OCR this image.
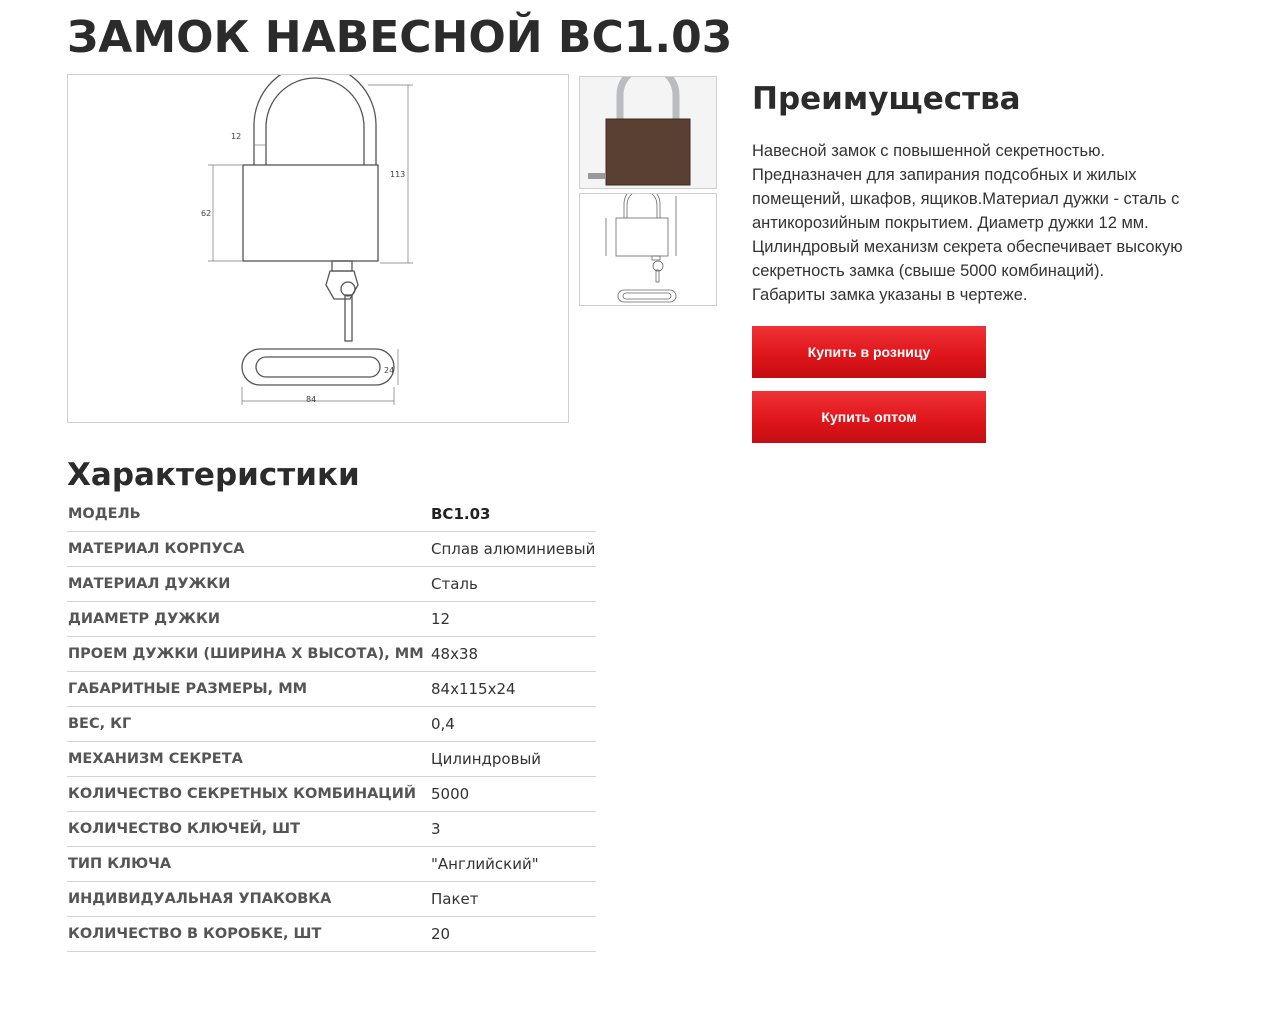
ЗАМОК НАВЕСНОЙ ВС1.03
12
113
62
24
84
Преимущества
Навесной замок с повышенной секретностью.
Предназначен для запирания подсобных и жилых
помещений, шкафов, ящиков.Материал дужки - сталь с
антикорозийным покрытием. Диаметр дужки 12 мм.
Цилиндровый механизм секрета обеспечивает высокую
секретность замка (свыше 5000 комбинаций).
Габариты замка указаны в чертеже.
Купить в розницу
Купить оптом
Характеристики
МОДЕЛЬ	ВС1.03
МАТЕРИАЛ КОРПУСА	Сплав алюминиевый
МАТЕРИАЛ ДУЖКИ	Сталь
ДИАМЕТР ДУЖКИ	12
ПРОЕМ ДУЖКИ (ШИРИНА Х ВЫСОТА), ММ	48х38
ГАБАРИТНЫЕ РАЗМЕРЫ, ММ	84х115х24
ВЕС, КГ	0,4
МЕХАНИЗМ СЕКРЕТА	Цилиндровый
КОЛИЧЕСТВО СЕКРЕТНЫХ КОМБИНАЦИЙ	5000
КОЛИЧЕСТВО КЛЮЧЕЙ, ШТ	3
ТИП КЛЮЧА	"Английский"
ИНДИВИДУАЛЬНАЯ УПАКОВКА	Пакет
КОЛИЧЕСТВО В КОРОБКЕ, ШТ	20
